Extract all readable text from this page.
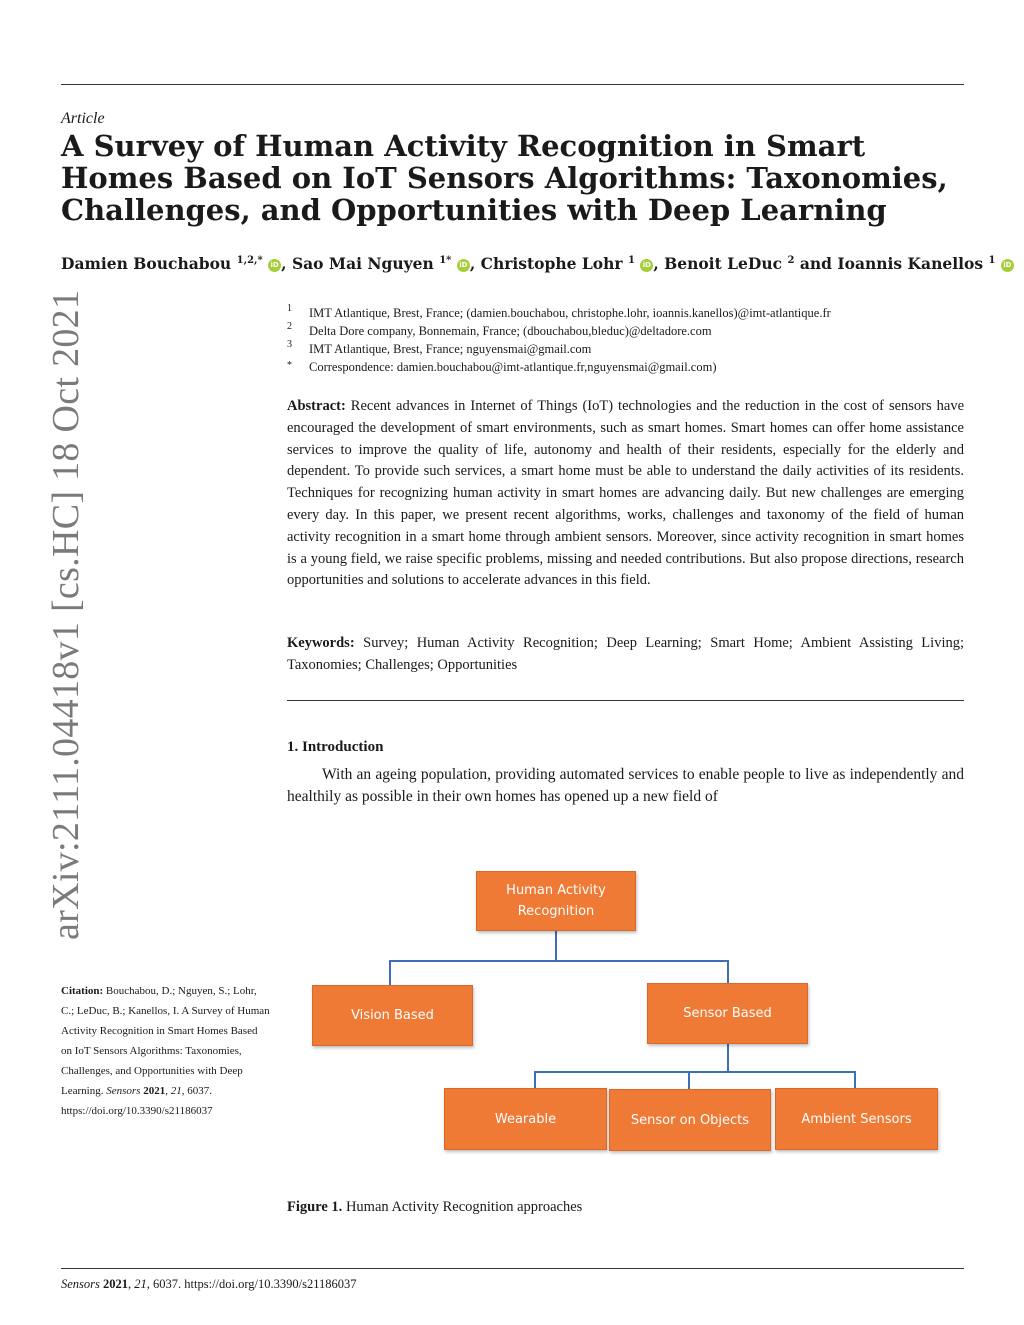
arXiv:2111.04418v1 [cs.HC] 18 Oct 2021
Article
A Survey of Human Activity Recognition in Smart Homes Based on IoT Sensors Algorithms: Taxonomies, Challenges, and Opportunities with Deep Learning
Damien Bouchabou $^{1,2,*}$ iD , Sao Mai Nguyen $^{1*}$ iD , Christophe Lohr $^1$ iD , Benoit LeDuc $^2$ and Ioannis Kanellos $^1$ iD
1 IMT Atlantique, Brest, France; (damien.bouchabou, christophe.lohr, ioannis.kanellos)@imt-atlantique.fr
2 Delta Dore company, Bonnemain, France; (dbouchabou,bleduc)@deltadore.com
3 IMT Atlantique, Brest, France; nguyensmai@gmail.com
* Correspondence: damien.bouchabou@imt-atlantique.fr,nguyensmai@gmail.com)
Abstract: Recent advances in Internet of Things (IoT) technologies and the reduction in the cost of sensors have encouraged the development of smart environments, such as smart homes. Smart homes can offer home assistance services to improve the quality of life, autonomy and health of their residents, especially for the elderly and dependent. To provide such services, a smart home must be able to understand the daily activities of its residents. Techniques for recognizing human activity in smart homes are advancing daily. But new challenges are emerging every day. In this paper, we present recent algorithms, works, challenges and taxonomy of the field of human activity recognition in a smart home through ambient sensors. Moreover, since activity recognition in smart homes is a young field, we raise specific problems, missing and needed contributions. But also propose directions, research opportunities and solutions to accelerate advances in this field.
Keywords: Survey; Human Activity Recognition; Deep Learning; Smart Home; Ambient Assisting Living; Taxonomies; Challenges; Opportunities
1. Introduction
With an ageing population, providing automated services to enable people to live as independently and healthily as possible in their own homes has opened up a new field of
Human Activity Recognition
Vision Based	Sensor Based
Wearable	Sensor on Objects	Ambient Sensors
Figure 1. Human Activity Recognition approaches
Citation: Bouchabou, D.; Nguyen, S.; Lohr, C.; LeDuc, B.; Kanellos, I. A Survey of Human Activity Recognition in Smart Homes Based on IoT Sensors Algorithms: Taxonomies, Challenges, and Opportunities with Deep Learning. Sensors 2021, 21, 6037.
https://doi.org/10.3390/s21186037
Sensors 2021, 21, 6037. https://doi.org/10.3390/s21186037
